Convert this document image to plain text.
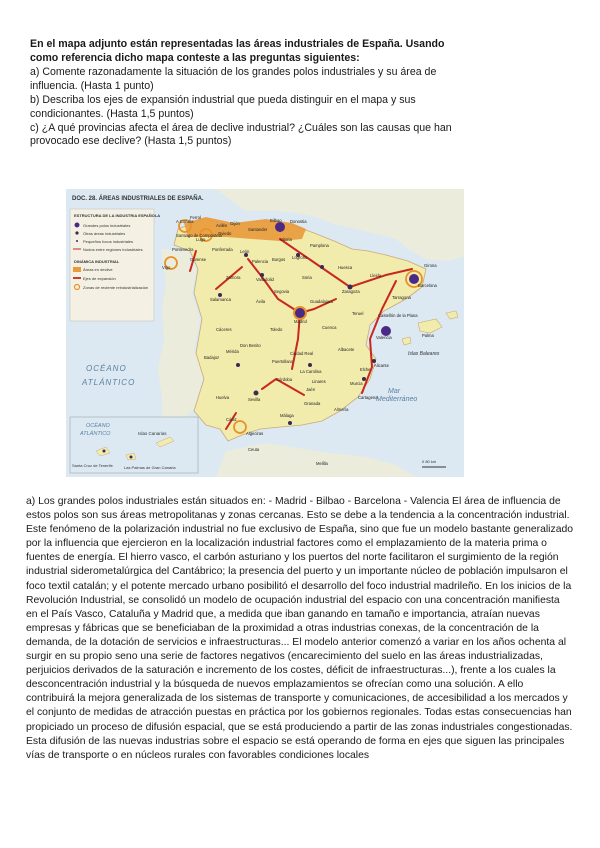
En el mapa adjunto están representadas las áreas industriales de España. Usando como referencia dicho mapa conteste a las preguntas siguientes:

a) Comente razonadamente la situación de los grandes polos industriales y su área de influencia. (Hasta 1 punto)

b) Describa los ejes de expansión industrial que pueda distinguir en el mapa y sus condicionantes. (Hasta 1,5 puntos)

c) ¿A qué provincias afecta el área de declive industrial? ¿Cuáles son las causas que han provocado ese declive? (Hasta 1,5 puntos)

DOC. 28. ÁREAS INDUSTRIALES DE ESPAÑA.
ESTRUCTURA DE LA INDUSTRIA ESPAÑOLA
Grandes polos industriales
Otras áreas industriales
Pequeños focos industriales
Nodos entre regiones industriales
DINÁMICA INDUSTRIAL
Áreas en declive
Ejes de expansión
Zonas de reciente reindustrialización
OCÉANO
ATLÁNTICO
Mar
Mediterráneo
Islas Baleares
OCÉANO
ATLÁNTICO	Islas Canarias
Santa Cruz de Tenerife	Las Palmas de Gran Canaria
0 80 km
A Coruña
Ferrol
Avilés Gijón
Oviedo
Santander
Bilbao Donostia
Vitoria
Pamplona
Lugo
Santiago de Compostela
Pontevedra
Vigo
Ourense
Ponferrada León
Palencia Burgos Logroño
Zamora	Valladolid	Soria
Huesca
Zaragoza
Lleida
Girona
Barcelona
Tarragona
Salamanca
Segovia
Ávila	Guadalajara
Madrid
Teruel	Castellón de la Plana
Cáceres	Toledo	Cuenca
Valencia
Mérida
Badajoz
Don Benito
Ciudad Real
Puertollano
Albacete
Alicante
Elche
La Carolina
Córdoba	Linares
Jaén
Murcia
Cartagena
Huelva	Sevilla
Granada
Almería
Cádiz
Málaga
Algeciras
Ceuta
Melilla
Palma

a) Los grandes polos industriales están situados en: - Madrid - Bilbao - Barcelona - Valencia El área de influencia de estos polos son sus áreas metropolitanas y zonas cercanas. Esto se debe a la tendencia a la concentración industrial. Este fenómeno de la polarización industrial no fue exclusivo de España, sino que fue un modelo bastante generalizado por la influencia que ejercieron en la localización industrial factores como el emplazamiento de la materia prima o fuentes de energía. El hierro vasco, el carbón asturiano y los puertos del norte facilitaron el surgimiento de la región industrial siderometalúrgica del Cantábrico; la presencia del puerto y un importante núcleo de población impulsaron el foco textil catalán; y el potente mercado urbano posibilitó el desarrollo del foco industrial madrileño. En los inicios de la Revolución Industrial, se consolidó un modelo de ocupación industrial del espacio con una concentración manifiesta en el País Vasco, Cataluña y Madrid que, a medida que iban ganando en tamaño e importancia, atraían nuevas empresas y fábricas que se beneficiaban de la proximidad a otras industrias conexas, de la concentración de la demanda, de la dotación de servicios e infraestructuras... El modelo anterior comenzó a variar en los años ochenta al surgir en su propio seno una serie de factores negativos (encarecimiento del suelo en las áreas industrializadas, perjuicios derivados de la saturación e incremento de los costes, déficit de infraestructuras...), frente a los cuales la desconcentración industrial y la búsqueda de nuevos emplazamientos se ofrecían como una solución. A ello contribuirá la mejora generalizada de los sistemas de transporte y comunicaciones, de accesibilidad a los mercados y el conjunto de medidas de atracción puestas en práctica por los gobiernos regionales. Todas estas consecuencias han propiciado un proceso de difusión espacial, que se está produciendo a partir de las zonas industriales congestionadas. Esta difusión de las nuevas industrias sobre el espacio se está operando de forma en ejes que siguen las principales vías de transporte o en núcleos rurales con favorables condiciones locales
